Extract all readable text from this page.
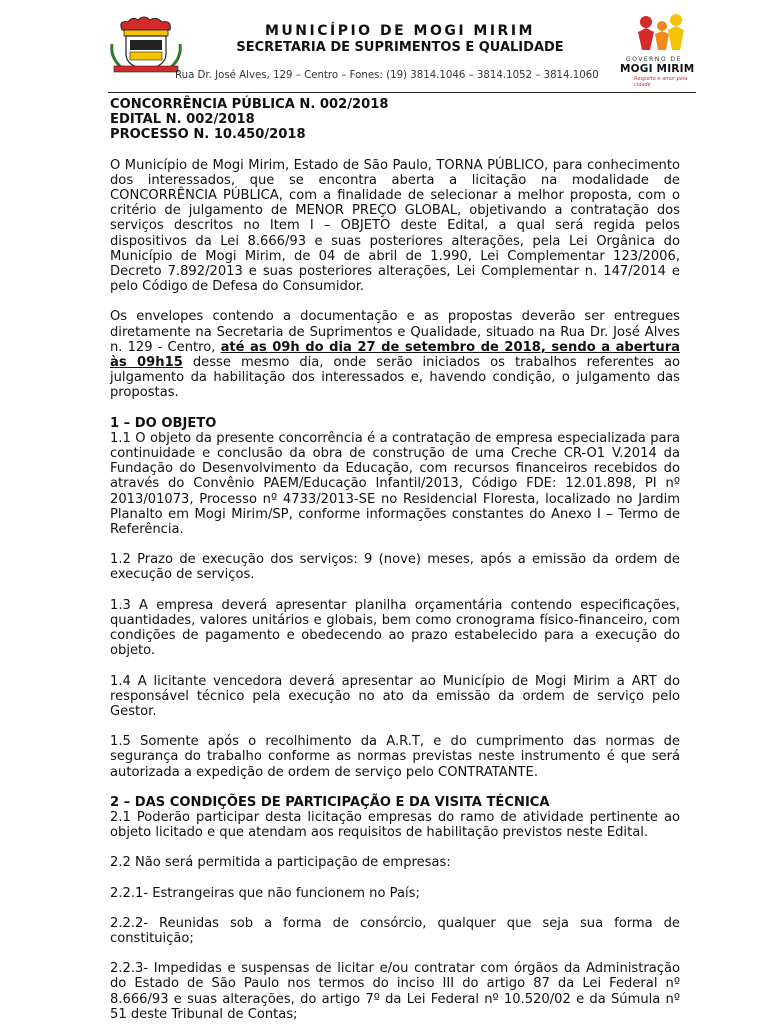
MUNICÍPIO DE MOGI MIRIM
SECRETARIA DE SUPRIMENTOS E QUALIDADE
Rua Dr. José Alves, 129 – Centro – Fones: (19) 3814.1046 – 3814.1052 – 3814.1060
GOVERNO DE
MOGI MIRIM
Respeito e amor pela cidade

CONCORRÊNCIA PÚBLICA N. 002/2018
EDITAL N. 002/2018
PROCESSO N. 10.450/2018

O Município de Mogi Mirim, Estado de São Paulo, TORNA PÚBLICO, para conhecimento dos interessados, que se encontra aberta a licitação na modalidade de CONCORRÊNCIA PÚBLICA, com a finalidade de selecionar a melhor proposta, com o critério de julgamento de MENOR PREÇO GLOBAL, objetivando a contratação dos serviços descritos no Item I – OBJETO deste Edital, a qual será regida pelos dispositivos da Lei 8.666/93 e suas posteriores alterações, pela Lei Orgânica do Município de Mogi Mirim, de 04 de abril de 1.990, Lei Complementar 123/2006, Decreto 7.892/2013 e suas posteriores alterações, Lei Complementar n. 147/2014 e pelo Código de Defesa do Consumidor.

Os envelopes contendo a documentação e as propostas deverão ser entregues diretamente na Secretaria de Suprimentos e Qualidade, situado na Rua Dr. José Alves n. 129 - Centro, até as 09h do dia 27 de setembro de 2018, sendo a abertura às 09h15 desse mesmo dia, onde serão iniciados os trabalhos referentes ao julgamento da habilitação dos interessados e, havendo condição, o julgamento das propostas.

1 – DO OBJETO

1.1 O objeto da presente concorrência é a contratação de empresa especializada para continuidade e conclusão da obra de construção de uma Creche CR-O1 V.2014 da Fundação do Desenvolvimento da Educação, com recursos financeiros recebidos do através do Convênio PAEM/Educação Infantil/2013, Código FDE: 12.01.898, PI nº 2013/01073, Processo nº 4733/2013-SE no Residencial Floresta, localizado no Jardim Planalto em Mogi Mirim/SP, conforme informações constantes do Anexo I – Termo de Referência.

1.2 Prazo de execução dos serviços: 9 (nove) meses, após a emissão da ordem de execução de serviços.

1.3 A empresa deverá apresentar planilha orçamentária contendo especificações, quantidades, valores unitários e globais, bem como cronograma físico-financeiro, com condições de pagamento e obedecendo ao prazo estabelecido para a execução do objeto.

1.4 A licitante vencedora deverá apresentar ao Município de Mogi Mirim a ART do responsável técnico pela execução no ato da emissão da ordem de serviço pelo Gestor.

1.5 Somente após o recolhimento da A.R.T, e do cumprimento das normas de segurança do trabalho conforme as normas previstas neste instrumento é que será autorizada a expedição de ordem de serviço pelo CONTRATANTE.

2 – DAS CONDIÇÕES DE PARTICIPAÇÃO E DA VISITA TÉCNICA

2.1 Poderão participar desta licitação empresas do ramo de atividade pertinente ao objeto licitado e que atendam aos requisitos de habilitação previstos neste Edital.

2.2 Não será permitida a participação de empresas:

2.2.1- Estrangeiras que não funcionem no País;

2.2.2- Reunidas sob a forma de consórcio, qualquer que seja sua forma de constituição;

2.2.3- Impedidas e suspensas de licitar e/ou contratar com órgãos da Administração do Estado de São Paulo nos termos do inciso III do artigo 87 da Lei Federal nº 8.666/93 e suas alterações, do artigo 7º da Lei Federal nº 10.520/02 e da Súmula nº 51 deste Tribunal de Contas;
